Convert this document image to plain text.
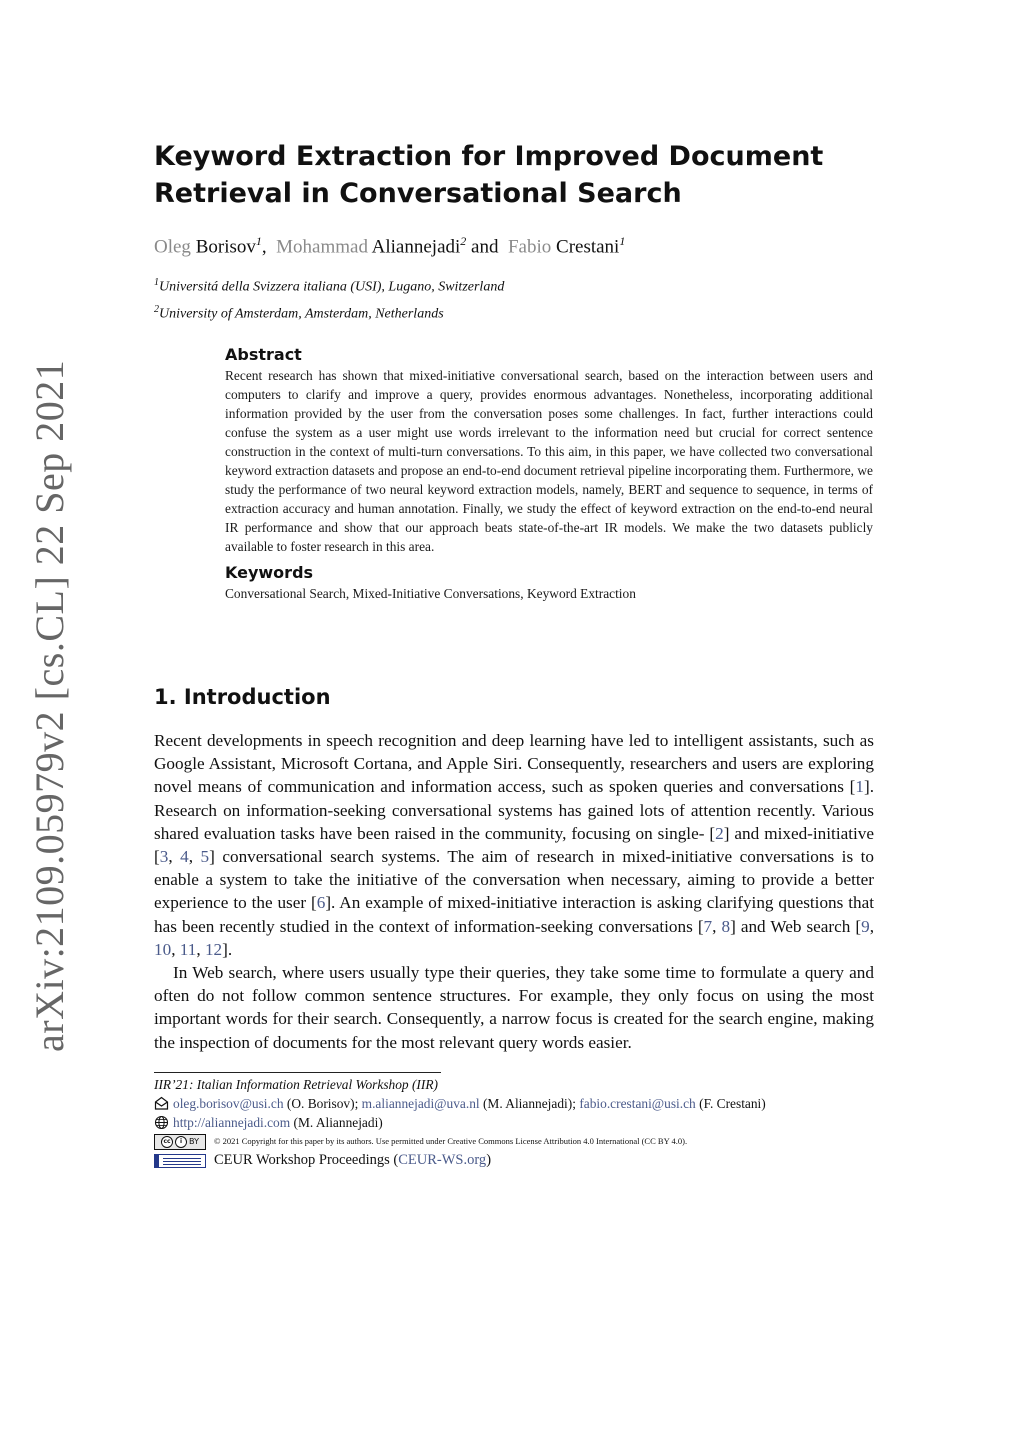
arXiv:2109.05979v2 [cs.CL] 22 Sep 2021
Keyword Extraction for Improved Document
Retrieval in Conversational Search
Oleg Borisov$^1$, Mohammad Aliannejadi$^2$ and Fabio Crestani$^1$
$^1$Universitá della Svizzera italiana (USI), Lugano, Switzerland
$^2$University of Amsterdam, Amsterdam, Netherlands
Abstract

Recent research has shown that mixed-initiative conversational search, based on the interaction between users and computers to clarify and improve a query, provides enormous advantages. Nonetheless, incorporating additional information provided by the user from the conversation poses some challenges. In fact, further interactions could confuse the system as a user might use words irrelevant to the information need but crucial for correct sentence construction in the context of multi-turn conversations. To this aim, in this paper, we have collected two conversational keyword extraction datasets and propose an end-to-end document retrieval pipeline incorporating them. Furthermore, we study the performance of two neural keyword extraction models, namely, BERT and sequence to sequence, in terms of extraction accuracy and human annotation. Finally, we study the effect of keyword extraction on the end-to-end neural IR performance and show that our approach beats state-of-the-art IR models. We make the two datasets publicly available to foster research in this area.

Keywords

Conversational Search, Mixed-Initiative Conversations, Keyword Extraction

1. Introduction

Recent developments in speech recognition and deep learning have led to intelligent assistants, such as Google Assistant, Microsoft Cortana, and Apple Siri. Consequently, researchers and users are exploring novel means of communication and information access, such as spoken queries and conversations [1]. Research on information-seeking conversational systems has gained lots of attention recently. Various shared evaluation tasks have been raised in the community, focusing on single- [2] and mixed-initiative [3, 4, 5] conversational search systems. The aim of research in mixed-initiative conversations is to enable a system to take the initiative of the conversation when necessary, aiming to provide a better experience to the user [6]. An example of mixed-initiative interaction is asking clarifying questions that has been recently studied in the context of information-seeking conversations [7, 8] and Web search [9, 10, 11, 12].

In Web search, where users usually type their queries, they take some time to formulate a query and often do not follow common sentence structures. For example, they only focus on using the most important words for their search. Consequently, a narrow focus is created for the search engine, making the inspection of documents for the most relevant query words easier.

IIR’21: Italian Information Retrieval Workshop (IIR)
oleg.borisov@usi.ch
(O. Borisov);
m.aliannejadi@uva.nl
(M. Aliannejadi);
fabio.crestani@usi.ch
(F. Crestani)
http://aliannejadi.com
(M. Aliannejadi)
cc	i BY © 2021 Copyright for this paper by its authors. Use permitted under Creative Commons License Attribution 4.0 International (CC BY 4.0).
CEUR Workshop Proceedings (CEUR-WS.org)
